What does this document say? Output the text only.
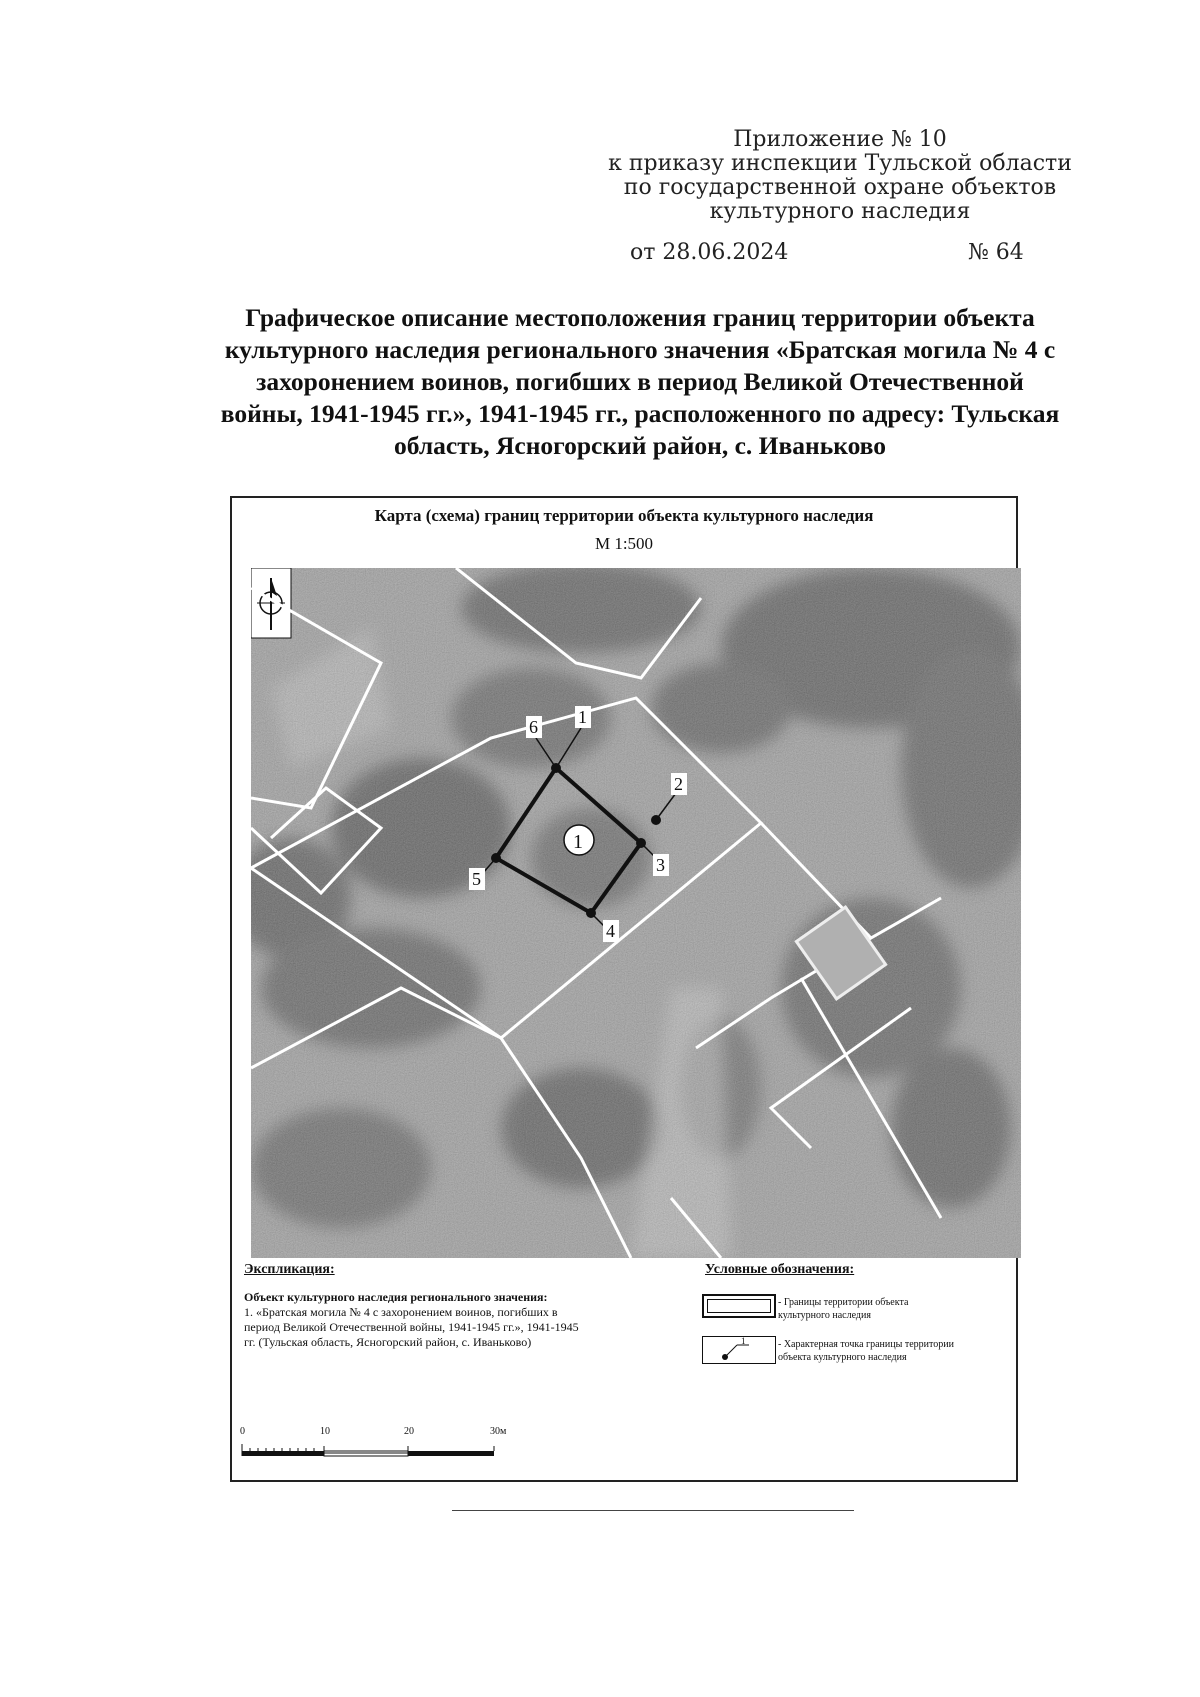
Приложение № 10
к приказу инспекции Тульской области
по государственной охране объектов
культурного наследия
от 28.06.2024	№ 64
Графическое описание местоположения границ территории объекта
культурного наследия регионального значения «Братская могила № 4 с
захоронением воинов, погибших в период Великой Отечественной
войны, 1941-1945 гг.», 1941-1945 гг., расположенного по адресу: Тульская
область, Ясногорский район, с. Иваньково
Карта (схема) границ территории объекта культурного наследия
М 1:500
6 1
2
3
4
5
1
Экспликация:
Объект культурного наследия регионального значения:
1. «Братская могила № 4 с захоронением воинов, погибших в
период Великой Отечественной войны, 1941-1945 гг.», 1941-1945
гг. (Тульская область, Ясногорский район, с. Иваньково)
Условные обозначения:
- Границы территории объекта
культурного наследия
1	- Характерная точка границы территории
объекта культурного наследия
0	10	20	30м
